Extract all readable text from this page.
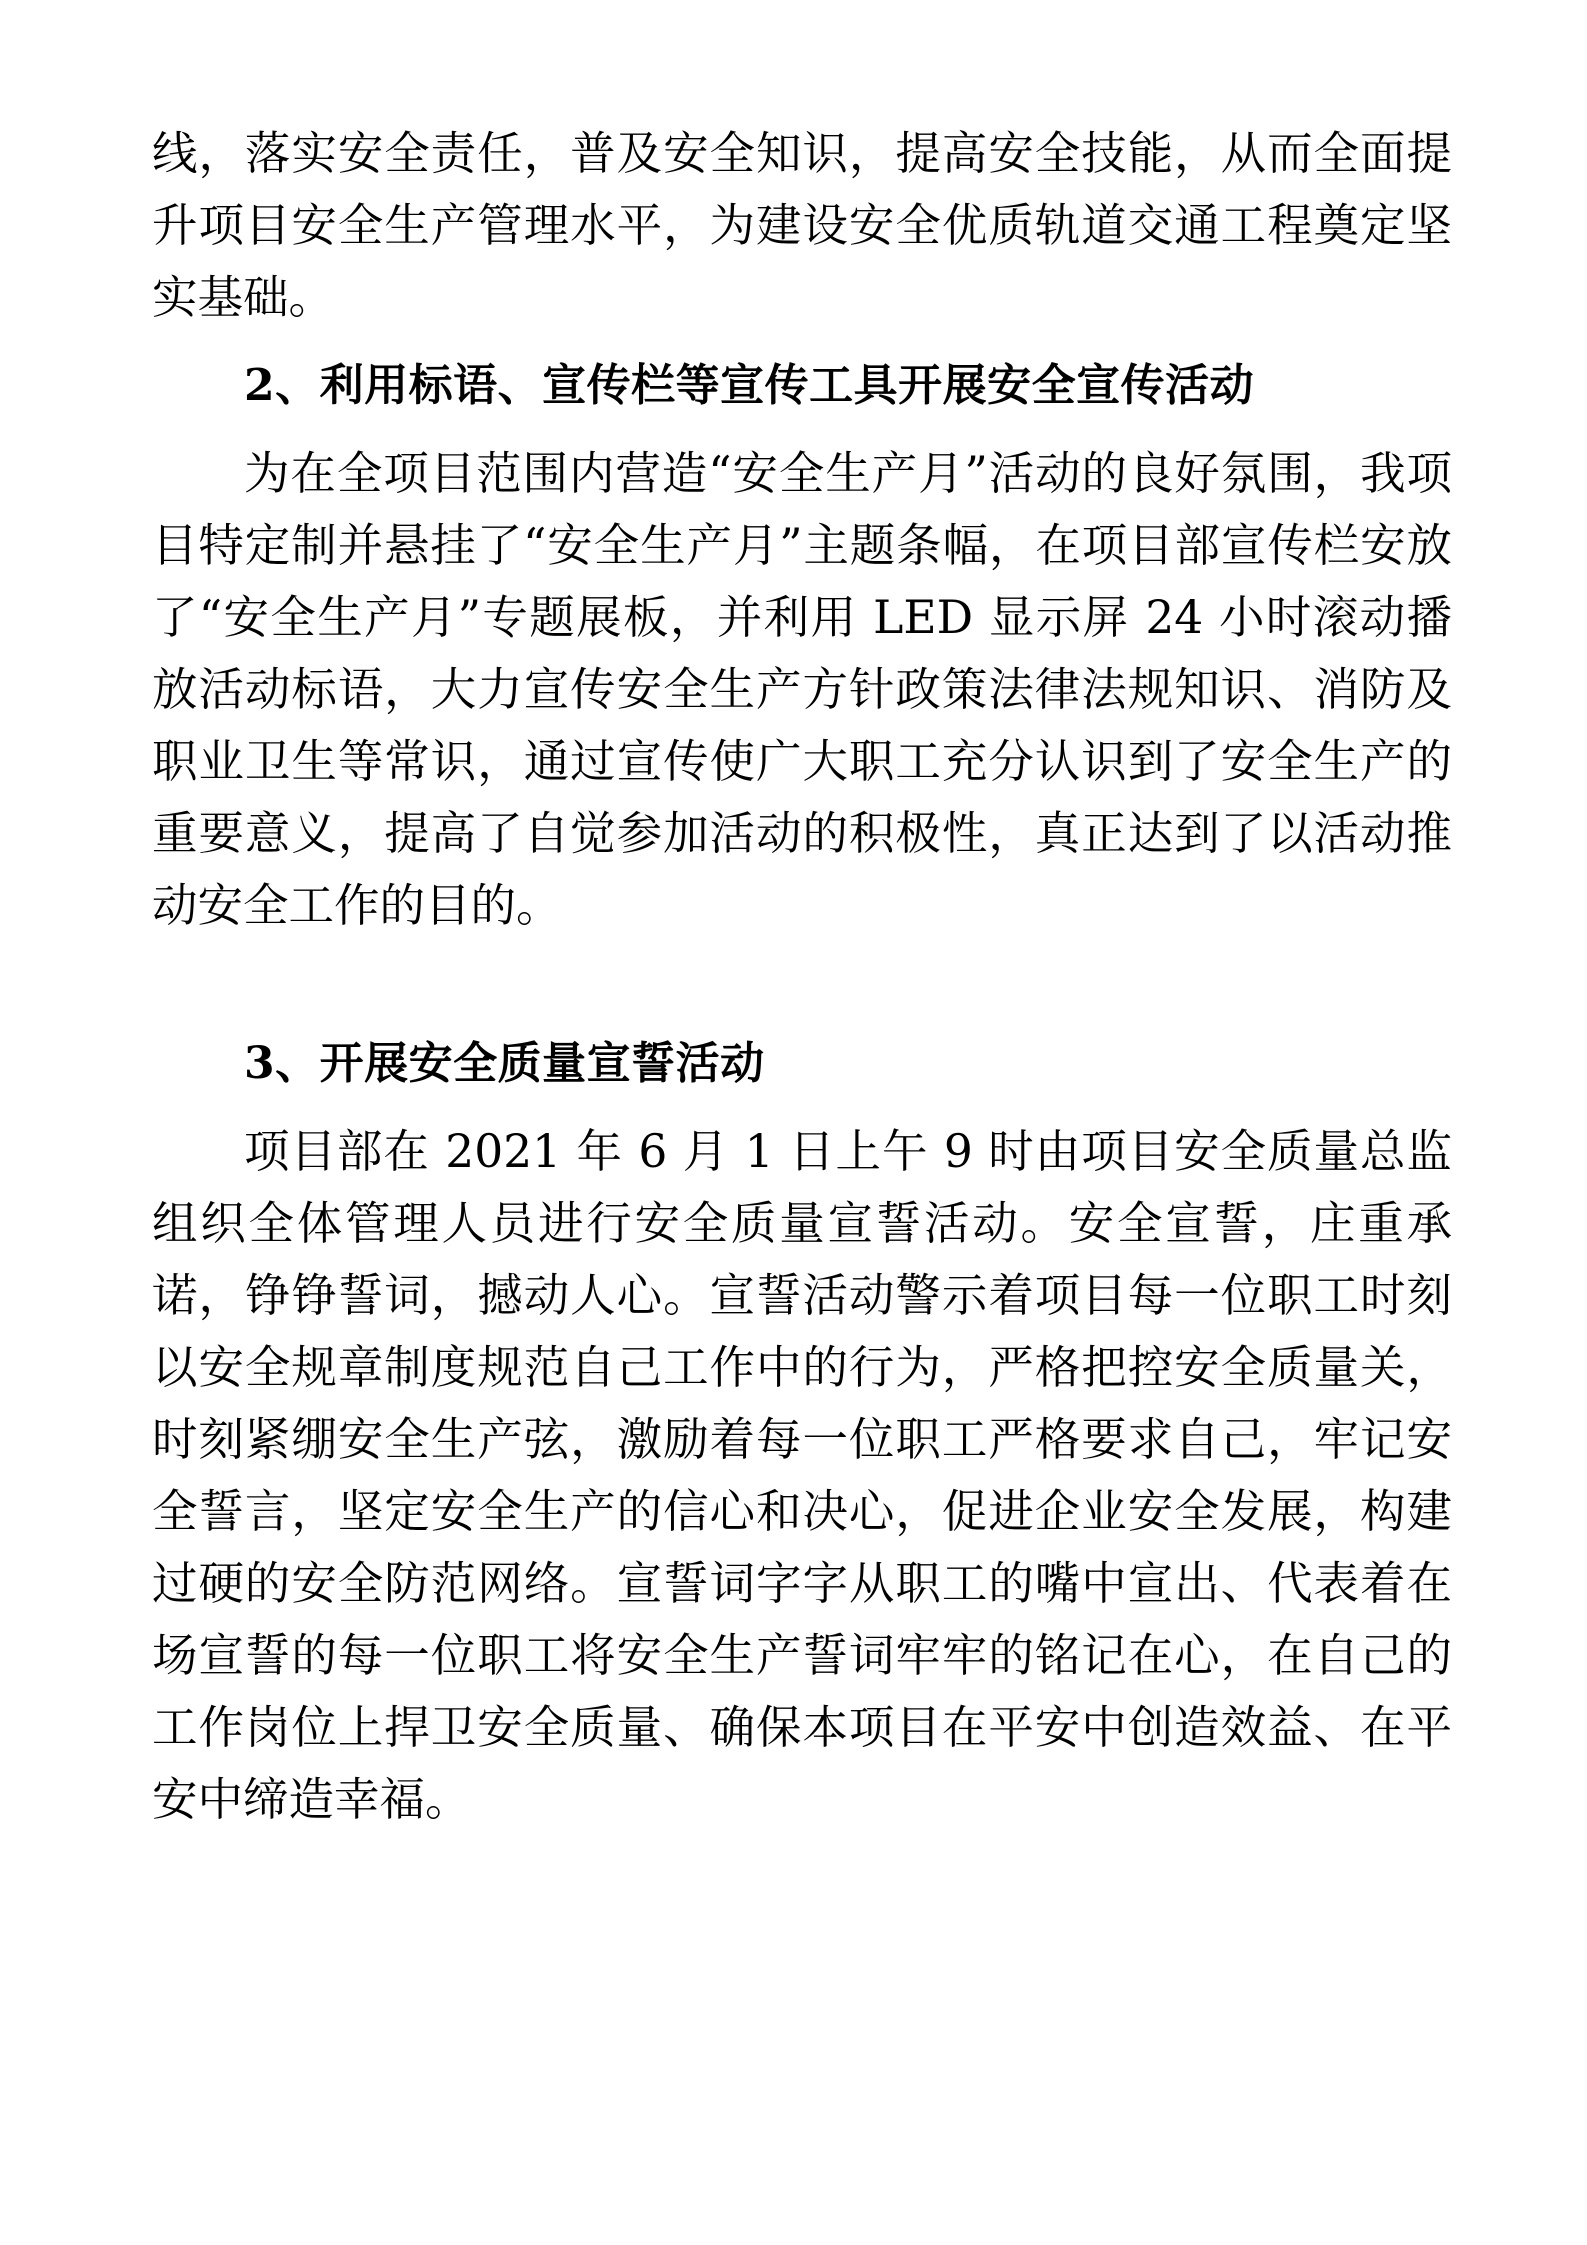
线，落实安全责任，普及安全知识，提高安全技能，从而全面提升项目安全生产管理水平，为建设安全优质轨道交通工程奠定坚实基础。

2、利用标语、宣传栏等宣传工具开展安全宣传活动

为在全项目范围内营造“安全生产月”活动的良好氛围，我项目特定制并悬挂了“安全生产月”主题条幅，在项目部宣传栏安放了“安全生产月”专题展板，并利用 LED 显示屏 24 小时滚动播放活动标语，大力宣传安全生产方针政策法律法规知识、消防及职业卫生等常识，通过宣传使广大职工充分认识到了安全生产的重要意义，提高了自觉参加活动的积极性，真正达到了以活动推动安全工作的目的。

3、开展安全质量宣誓活动

项目部在 2021 年 6 月 1 日上午 9 时由项目安全质量总监组织全体管理人员进行安全质量宣誓活动。安全宣誓，庄重承诺，铮铮誓词，撼动人心。宣誓活动警示着项目每一位职工时刻以安全规章制度规范自己工作中的行为，严格把控安全质量关，时刻紧绷安全生产弦，激励着每一位职工严格要求自己，牢记安全誓言，坚定安全生产的信心和决心，促进企业安全发展，构建过硬的安全防范网络。宣誓词字字从职工的嘴中宣出、代表着在场宣誓的每一位职工将安全生产誓词牢牢的铭记在心，在自己的工作岗位上捍卫安全质量、确保本项目在平安中创造效益、在平安中缔造幸福。
